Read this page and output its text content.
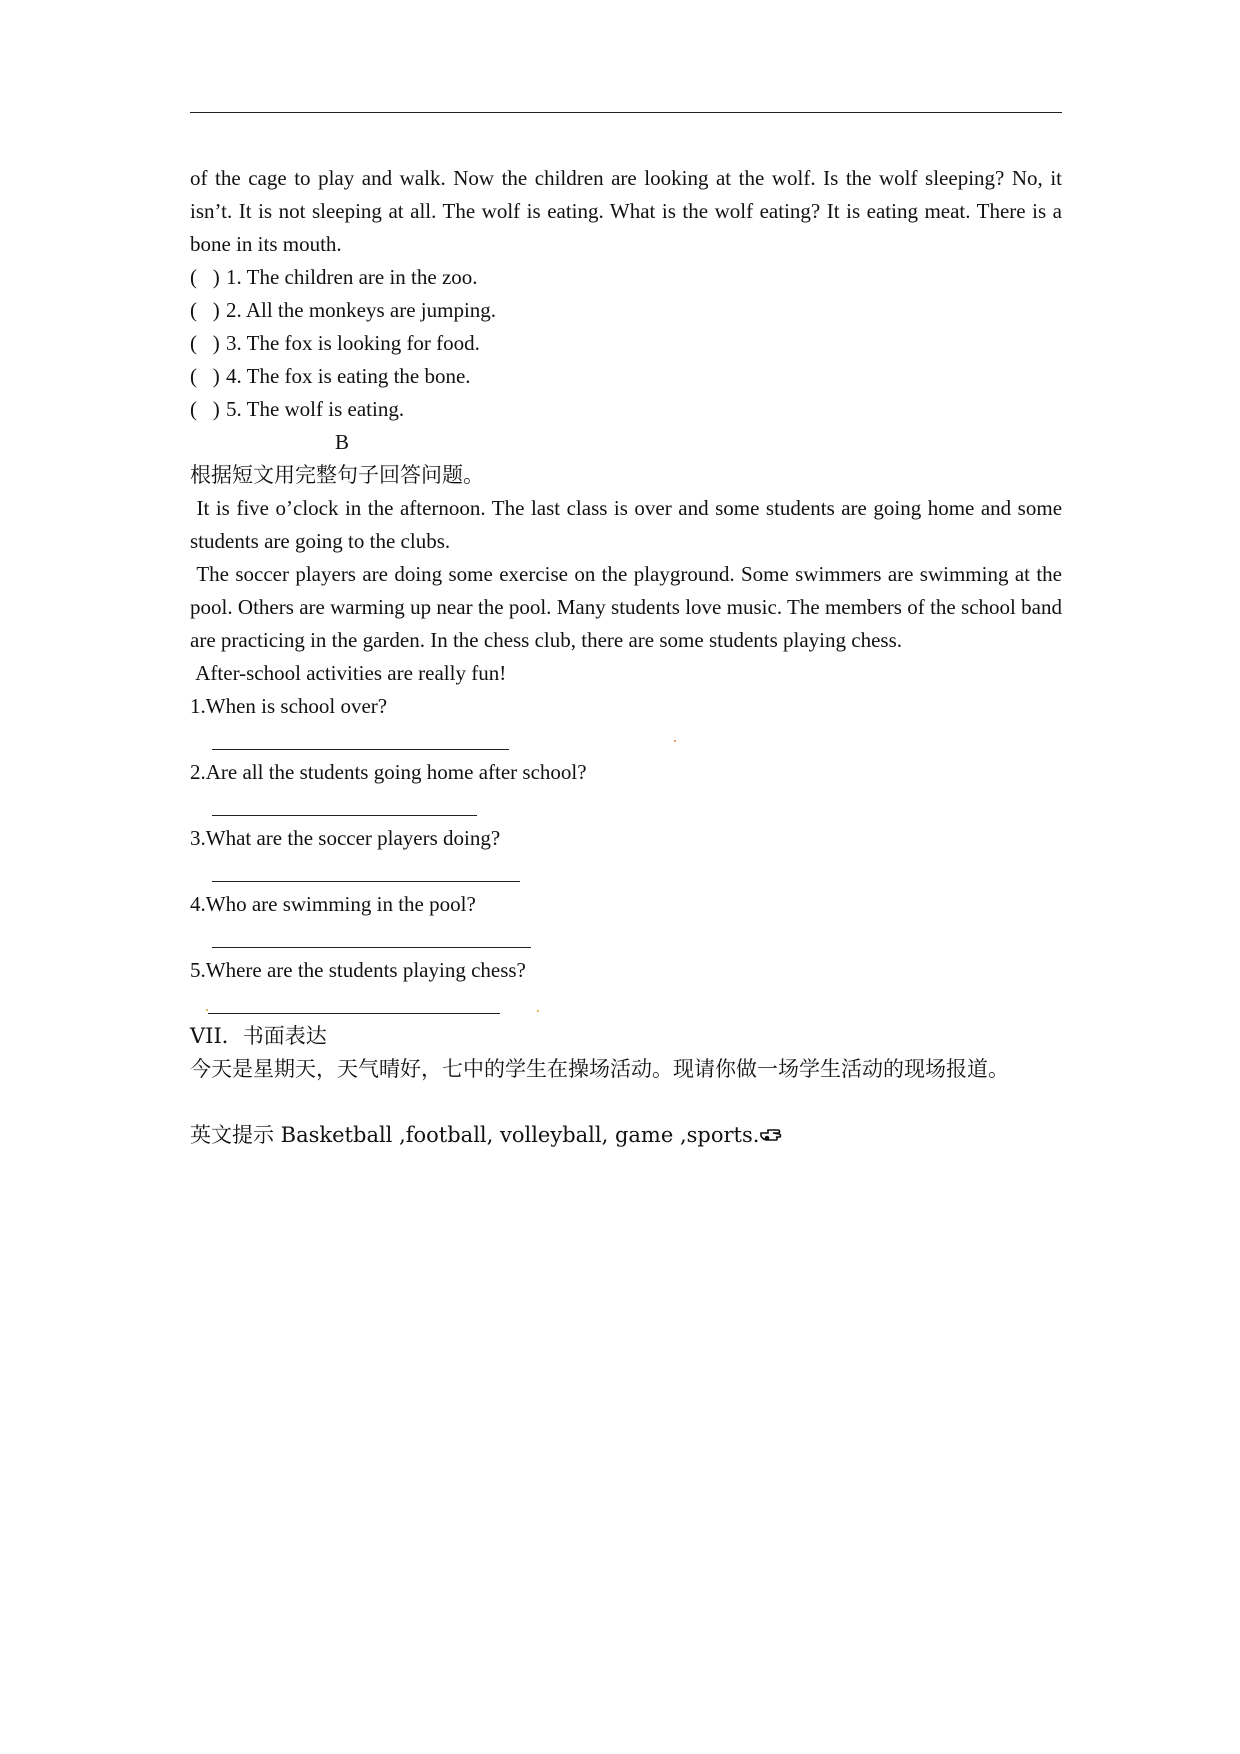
of the cage to play and walk. Now the children are looking at the wolf. Is the wolf sleeping? No, it isn’t. It is not sleeping at all. The wolf is eating. What is the wolf eating? It is eating meat. There is a bone in its mouth.

(   ) 1. The children are in the zoo.

(   ) 2. All the monkeys are jumping.

(   ) 3. The fox is looking for food.

(   ) 4. The fox is eating the bone.

(   ) 5. The wolf is eating.

B

根据短文用完整句子回答问题。

It is five o’clock in the afternoon. The last class is over and some students are going home and some students are going to the clubs.

The soccer players are doing some exercise on the playground. Some swimmers are swimming at the pool. Others are warming up near the pool. Many students love music. The members of the school band are practicing in the garden. In the chess club, there are some students playing chess.

After-school activities are really fun!

1.When is school over?

2.Are all the students going home after school?

3.What are the soccer players doing?

4.Who are swimming in the pool?

5.Where are the students playing chess?

VII．书面表达

今天是星期天，天气晴好，七中的学生在操场活动。现请你做一场学生活动的现场报道。

英文提示 Basketball ,football, volleyball, game ,sports.
